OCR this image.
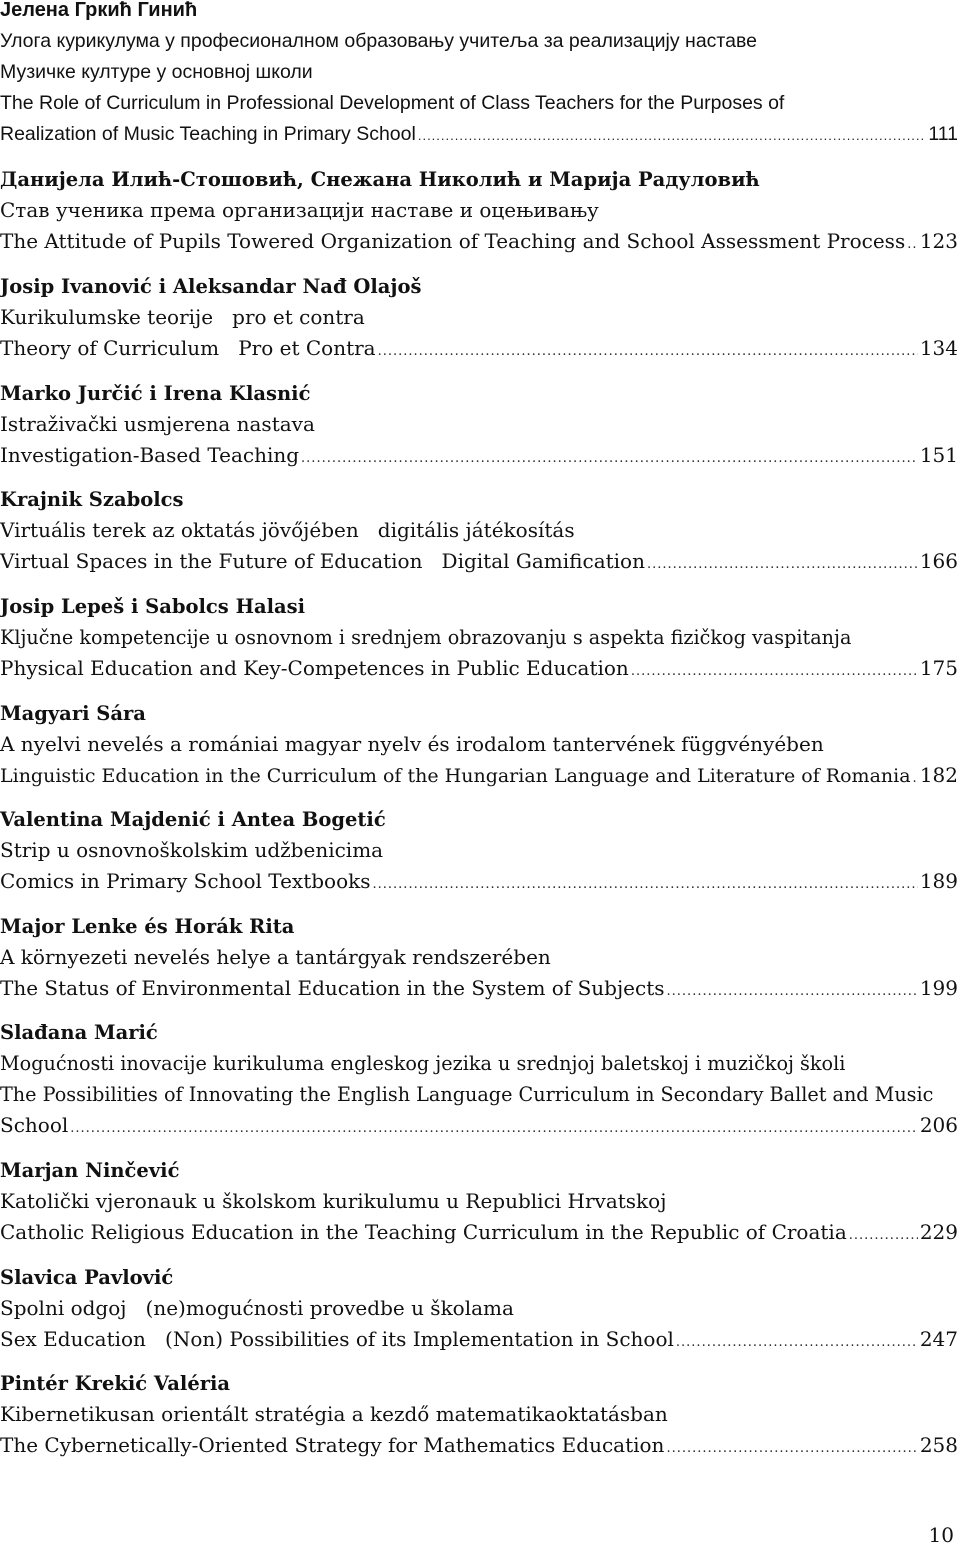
Јелена Гркић Гинић
Улога курикулума у професионалном образовању учитеља за реализацију наставе
Музичке културе у основној школи
The Role of Curriculum in Professional Development of Class Teachers for the Purposes of
Realization of Music Teaching in Primary School .....	111
Данијела Илић-Стошовић, Снежана Николић и Марија Радуловић
Став ученика према организацији наставе и оцењивању
The Attitude of Pupils Towered Organization of Teaching and School Assessment Process ..... 123
Josip Ivanović i Aleksandar Nađ Olajoš
Kurikulumske teorije   pro et contra
Theory of Curriculum   Pro et Contra .....	134
Marko Jurčić i Irena Klasnić
Istraživački usmjerena nastava
Investigation-Based Teaching .....	151
Krajnik Szabolcs
Virtuális terek az oktatás jövőjében   digitális játékosítás
Virtual Spaces in the Future of Education   Digital Gamification .....	166
Josip Lepeš i Sabolcs Halasi
Ključne kompetencije u osnovnom i srednjem obrazovanju s aspekta fizičkog vaspitanja
Physical Education and Key-Competences in Public Education .....	175
Magyari Sára
A nyelvi nevelés a romániai magyar nyelv és irodalom tantervének függvényében
Linguistic Education in the Curriculum of the Hungarian Language and Literature of Romania ..... 182
Valentina Majdenić i Antea Bogetić
Strip u osnovnoškolskim udžbenicima
Comics in Primary School Textbooks .....	189
Major Lenke és Horák Rita
A környezeti nevelés helye a tantárgyak rendszerében
The Status of Environmental Education in the System of Subjects .....	199
Slađana Marić
Mogućnosti inovacije kurikuluma engleskog jezika u srednjoj baletskoj i muzičkoj školi
The Possibilities of Innovating the English Language Curriculum in Secondary Ballet and Music
School .....	206
Marjan Ninčević
Katolički vjeronauk u školskom kurikulumu u Republici Hrvatskoj
Catholic Religious Education in the Teaching Curriculum in the Republic of Croatia .....	229
Slavica Pavlović
Spolni odgoj   (ne)mogućnosti provedbe u školama
Sex Education   (Non) Possibilities of its Implementation in School .....	247
Pintér Krekić Valéria
Kibernetikusan orientált stratégia a kezdő matematikaoktatásban
The Cybernetically-Oriented Strategy for Mathematics Education .....	258
10
